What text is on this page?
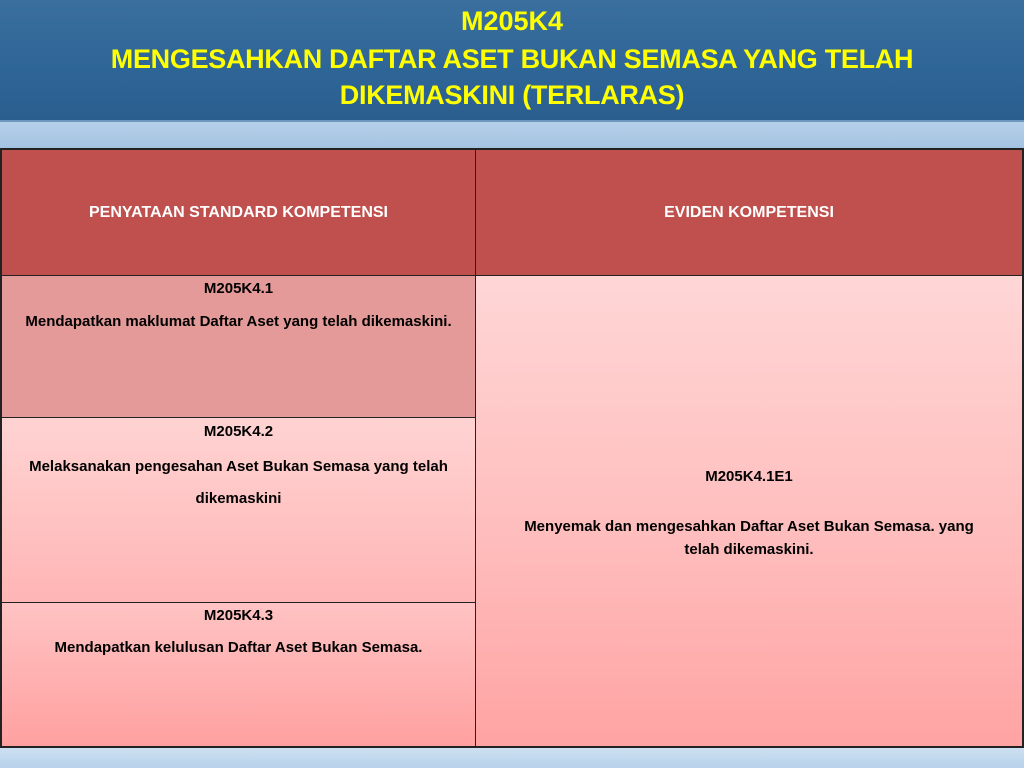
M205K4
MENGESAHKAN DAFTAR ASET BUKAN SEMASA YANG TELAH DIKEMASKINI (TERLARAS)
PENYATAAN STANDARD KOMPETENSI	EVIDEN KOMPETENSI
M205K4.1
Mendapatkan maklumat Daftar Aset yang telah dikemaskini.
M205K4.2
Melaksanakan pengesahan Aset Bukan Semasa yang telah dikemaskini
M205K4.3
Mendapatkan kelulusan Daftar Aset Bukan Semasa.
M205K4.1E1
Menyemak dan mengesahkan Daftar Aset Bukan Semasa. yang telah dikemaskini.
